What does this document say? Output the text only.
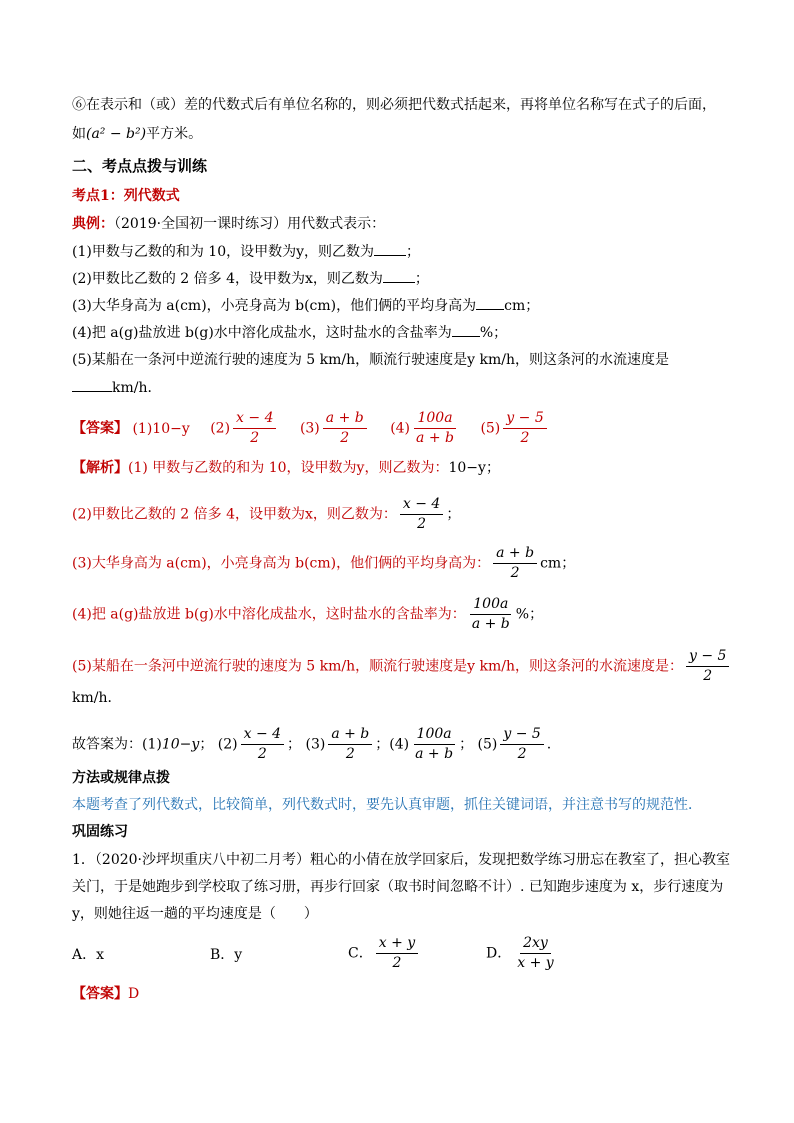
⑥在表示和（或）差的代数式后有单位名称的，则必须把代数式括起来，再将单位名称写在式子的后面，
如(a² − b²)平方米。
二、考点点拨与训练
考点1：列代数式
典例：（2019·全国初一课时练习）用代数式表示：
(1)甲数与乙数的和为 10，设甲数为y，则乙数为 ；
(2)甲数比乙数的 2 倍多 4，设甲数为x，则乙数为 ；
(3)大华身高为 a(cm)，小亮身高为 b(cm)，他们俩的平均身高为 cm；
(4)把 a(g)盐放进 b(g)水中溶化成盐水，这时盐水的含盐率为 %；
(5)某船在一条河中逆流行驶的速度为 5 km/h，顺流行驶速度是y km/h，则这条河的水流速度是
km/h．
【答案】 (1)10−y $(2) \frac{x - 4}{2} (3) \frac{a + b}{2} (4) \frac{100a}{a + b} (5) \frac{y - 5}{2}$
【解析】(1) 甲数与乙数的和为 10，设甲数为y，则乙数为：10−y；
(2)甲数比乙数的 2 倍多 4，设甲数为x，则乙数为： $\frac{x - 4}{2}$ ；
(3)大华身高为 a(cm)，小亮身高为 b(cm)，他们俩的平均身高为： $\frac{a + b}{2}$ cm；
(4)把 a(g)盐放进 b(g)水中溶化成盐水，这时盐水的含盐率为： $\frac{100a}{a + b}$ %；
(5)某船在一条河中逆流行驶的速度为 5 km/h，顺流行驶速度是y km/h，则这条河的水流速度是： $\frac{y - 5}{2}$
km/h．
故答案为：(1)10−y； $(2) \frac{x - 4}{2}$ ； $(3) \frac{a + b}{2}$ ；$(4) \frac{100a}{a + b}$ ； $(5) \frac{y - 5}{2}$ .
方法或规律点拨
本题考查了列代数式，比较简单，列代数式时，要先认真审题，抓住关键词语，并注意书写的规范性．
巩固练习
1．（2020·沙坪坝重庆八中初二月考）粗心的小倩在放学回家后，发现把数学练习册忘在教室了，担心教室
关门，于是她跑步到学校取了练习册，再步行回家（取书时间忽略不计）. 已知跑步速度为 x，步行速度为
y，则她往返一趟的平均速度是（　　）
A．x	B．y	C． $\frac{x + y}{2}$	D． $\frac{2xy}{x + y}$
【答案】D
